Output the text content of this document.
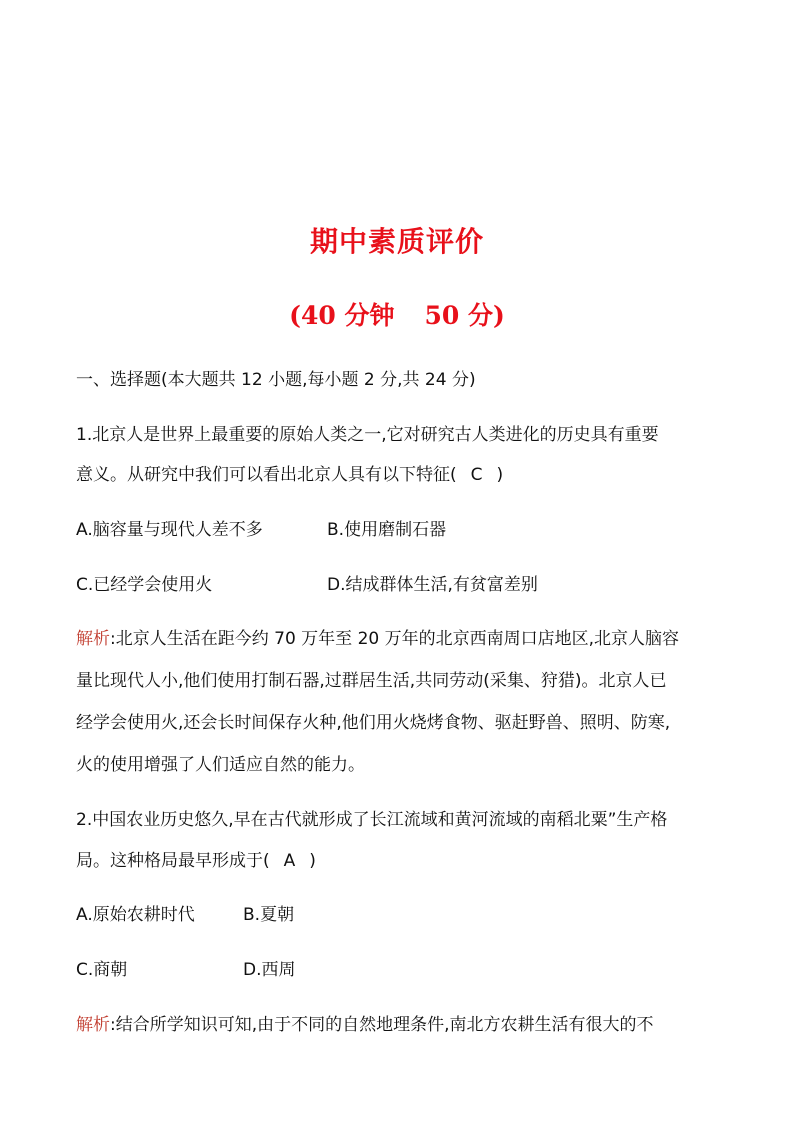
期中素质评价
(40 分钟 50 分)
一、选择题(本大题共 12 小题,每小题 2 分,共 24 分)
1.北京人是世界上最重要的原始人类之一,它对研究古人类进化的历史具有重要
意义。从研究中我们可以看出北京人具有以下特征( C )
A.脑容量与现代人差不多	B.使用磨制石器
C.已经学会使用火	D.结成群体生活,有贫富差别
解析:北京人生活在距今约 70 万年至 20 万年的北京西南周口店地区,北京人脑容
量比现代人小,他们使用打制石器,过群居生活,共同劳动(采集、狩猎)。北京人已
经学会使用火,还会长时间保存火种,他们用火烧烤食物、驱赶野兽、照明、防寒,
火的使用增强了人们适应自然的能力。
2.中国农业历史悠久,早在古代就形成了长江流域和黄河流域的南稻北粟”生产格
局。这种格局最早形成于( A )
A.原始农耕时代	B.夏朝
C.商朝	D.西周
解析:结合所学知识可知,由于不同的自然地理条件,南北方农耕生活有很大的不
